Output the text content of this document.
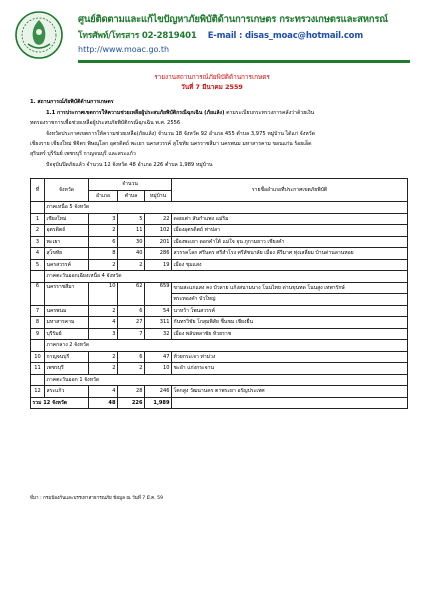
ศูนย์ติดตามและแก้ไขปัญหาภัยพิบัติด้านการเกษตร กระทรวงเกษตรและสหกรณ์
โทรศัพท์/โทรสาร 02-2819401 E-mail : disas_moac@hotmail.com
http://www.moac.go.th
รายงานสถานการณ์ภัยพิบัติด้านการเกษตร
วันที่ 7 มีนาคม 2559
1. สถานการณ์ภัยพิบัติด้านการเกษตร
1.1 การประกาศเขตการให้ความช่วยเหลือผู้ประสบภัยพิบัติกรณีฉุกเฉิน (ภัยแล้ง) ตามระเบียบกระทรวงการคลังว่าด้วยเงิน
ทดรองราชการเพื่อช่วยเหลือผู้ประสบภัยพิบัติกรณีฉุกเฉิน พ.ศ. 2556
จังหวัดประกาศเขตการให้ความช่วยเหลือ(ภัยแล้ง) จำนวน 18 จังหวัด 92 อำเภอ 455 ตำบล 3,975 หมู่บ้าน ได้แก่ จังหวัด
เชียงราย เชียงใหม่ พิจิตร พิษณุโลก อุตรดิตถ์ พะเยา นครสวรรค์ สุโขทัย นครราชสีมา นครพนม มหาสารคาม ขอนแก่น ร้อยเอ็ด
สุรินทร์ บุรีรัมย์ เพชรบุรี กาญจนบุรี และสระแก้ว
ปัจจุบันปิดภัยแล้ว จำนวน 12 จังหวัด 48 อำเภอ 226 ตำบล 1,989 หมู่บ้าน
ที่	จังหวัด	จำนวน			รายชื่ออำเภอที่ประกาศเขตภัยพิบัติ
		อำเภอ	ตำบล	หมู่บ้าน	
	ภาคเหนือ 5 จังหวัด				
1	เชียงใหม่	3	5	22	ดอยเต่า สันกำแพง แม่ริม
2	อุตรดิตถ์	2	11	102	เมืองอุตรดิตถ์ ท่าปลา
3	พะเยา	6	30	201	เมืองพะเยา ดอกคำใต้ แม่ใจ จุน ภูกามยาว เชียงคำ
4	สุโขทัย	8	40	286	สวรรคโลก ศรีนคร ศรีสำโรง ศรีสัชนาลัย เมือง คีรีมาศ ทุ่งเสลี่ยม บ้านด่านลานหอย
5	นครสวรรค์	2	2	19	เมือง ชุมแสง
	ภาคตะวันออกเฉียงเหนือ 4 จังหวัด				
6	นครราชสีมา	10	62	659	ขามสะแกแสง คง บัวลาย แก้งสนามนาง โนนไทย ด่านขุนทด โนนสูง เทพารักษ์
					พระทองคำ บัวใหญ่
7	นครพนม	2	6	54	นาหว้า โพนสวรรค์
8	มหาสารคาม	4	27	311	กันทรวิชัย โกสุมพิสัย ชื่นชม เชียงยืน
9	บุรีรัมย์	3	7	32	เมือง พลับพลาชัย ห้วยราช
	ภาคกลาง 2 จังหวัด				
10	กาญจนบุรี	2	6	47	ห้วยกระเจา ท่าม่วง
11	เพชรบุรี	2	2	10	ชะอำ แก่งกระจาน
	ภาคตะวันออก 1 จังหวัด				
12	สระแก้ว	4	28	246	โคกสูง วัฒนานคร ตาพระยา อรัญประเทศ
รวม 12 จังหวัด		48	226	1,989	
ที่มา : กรมป้องกันและบรรเทาสาธารณภัย ข้อมูล ณ วันที่ 7 มี.ค. 59
